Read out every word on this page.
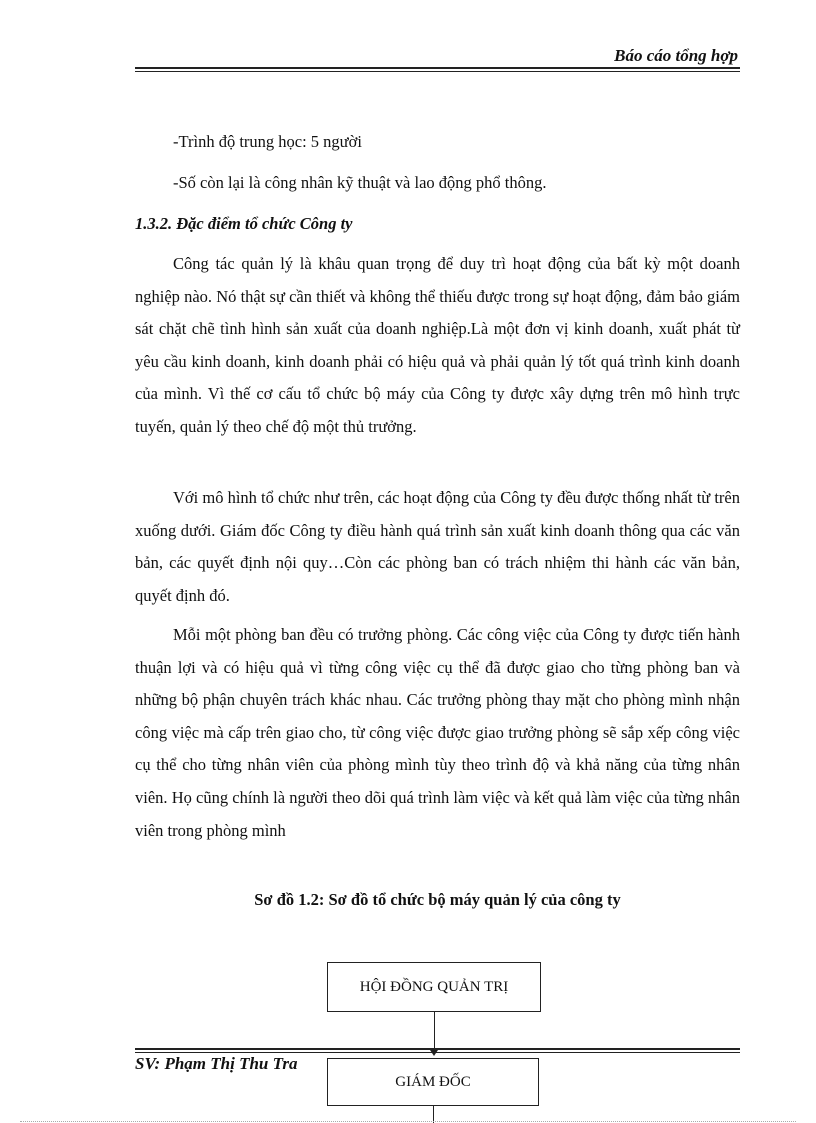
Báo cáo tổng hợp
-Trình độ trung học: 5 người
-Số còn lại là công nhân kỹ thuật và lao động phổ thông.
1.3.2. Đặc điểm tổ chức Công ty

Công tác quản lý là khâu quan trọng để duy trì hoạt động của bất kỳ một doanh nghiệp nào. Nó thật sự cần thiết và không thể thiếu được trong sự hoạt động, đảm bảo giám sát chặt chẽ tình hình sản xuất của doanh nghiệp.Là một đơn vị kinh doanh, xuất phát từ yêu cầu kinh doanh, kinh doanh phải có hiệu quả và phải quản lý tốt quá trình kinh doanh của mình. Vì thế cơ cấu tổ chức bộ máy của Công ty được xây dựng trên mô hình trực tuyến, quản lý theo chế độ một thủ trưởng.

Với mô hình tổ chức như trên, các hoạt động của Công ty đều được thống nhất từ trên xuống dưới. Giám đốc Công ty điều hành quá trình sản xuất kinh doanh thông qua các văn bản, các quyết định nội quy…Còn các phòng ban có trách nhiệm thi hành các văn bản, quyết định đó.

Mỗi một phòng ban đều có trưởng phòng. Các công việc của Công ty được tiến hành thuận lợi và có hiệu quả vì từng công việc cụ thể đã được giao cho từng phòng ban và những bộ phận chuyên trách khác nhau. Các trưởng phòng thay mặt cho phòng mình nhận công việc mà cấp trên giao cho, từ công việc được giao trưởng phòng sẽ sắp xếp công việc cụ thể cho từng nhân viên của phòng mình tùy theo trình độ và khả năng của từng nhân viên. Họ cũng chính là người theo dõi quá trình làm việc và kết quả làm việc của từng nhân viên trong phòng mình

Sơ đồ 1.2: Sơ đồ tổ chức bộ máy quản lý của công ty
HỘI ĐỒNG QUẢN TRỊ
SV: Phạm Thị Thu Tra
GIÁM ĐỐC
